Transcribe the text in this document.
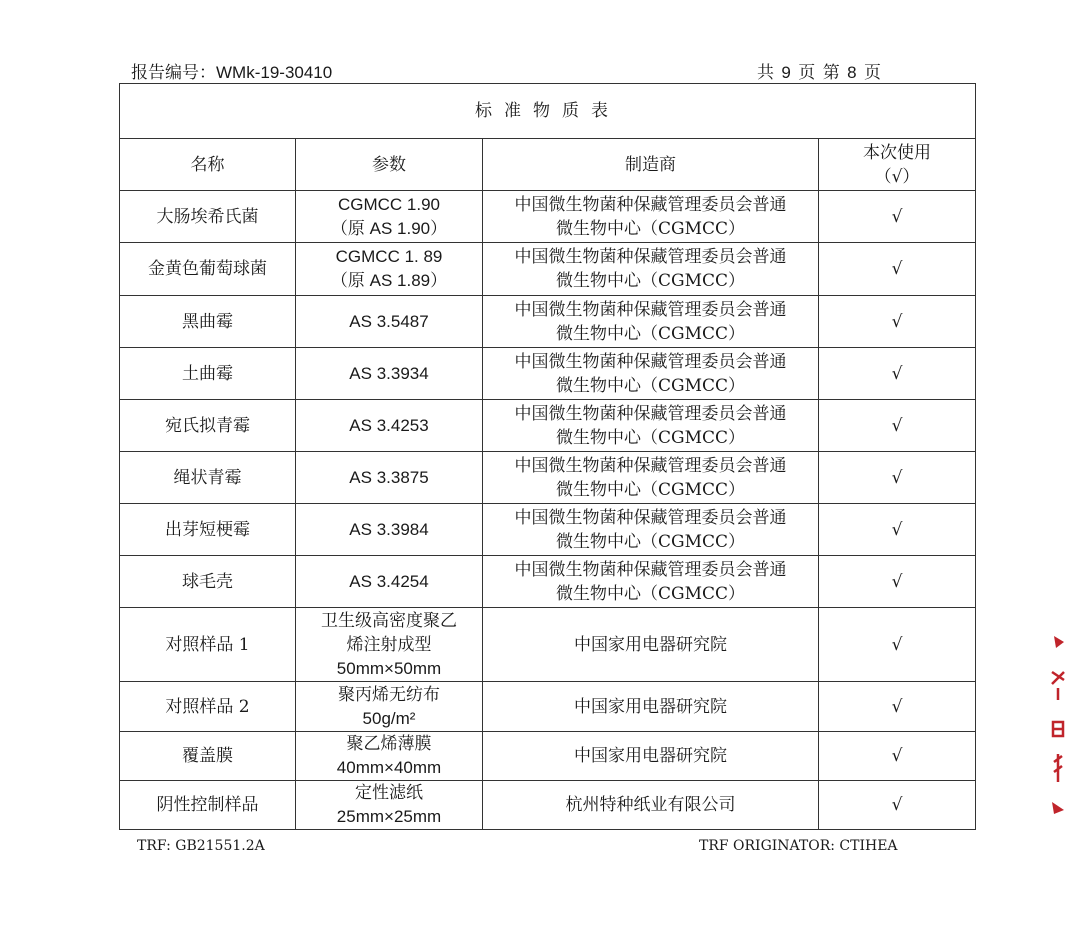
报告编号：WMk-19-30410	共 9 页 第 8 页
标准物质表			
名称	参数	制造商	本次使用
（√）

大肠埃希氏菌	CGMCC 1.90
（原 AS 1.90）	中国微生物菌种保藏管理委员会普通
微生物中心（CGMCC）	√
金黄色葡萄球菌	CGMCC 1. 89
（原 AS 1.89）	中国微生物菌种保藏管理委员会普通
微生物中心（CGMCC）	√
黑曲霉	AS 3.5487	中国微生物菌种保藏管理委员会普通
微生物中心（CGMCC）	√
土曲霉	AS 3.3934	中国微生物菌种保藏管理委员会普通
微生物中心（CGMCC）	√
宛氏拟青霉	AS 3.4253	中国微生物菌种保藏管理委员会普通
微生物中心（CGMCC）	√
绳状青霉	AS 3.3875	中国微生物菌种保藏管理委员会普通
微生物中心（CGMCC）	√
出芽短梗霉	AS 3.3984	中国微生物菌种保藏管理委员会普通
微生物中心（CGMCC）	√
球毛壳	AS 3.4254	中国微生物菌种保藏管理委员会普通
微生物中心（CGMCC）	√
对照样品 1	卫生级高密度聚乙
烯注射成型
50mm×50mm	中国家用电器研究院	√
对照样品 2	聚丙烯无纺布
50g/m²	中国家用电器研究院	√
覆盖膜	聚乙烯薄膜
40mm×40mm	中国家用电器研究院	√
阴性控制样品	定性滤纸
25mm×25mm	杭州特种纸业有限公司	√
TRF: GB21551.2A	TRF ORIGINATOR: CTIHEA
